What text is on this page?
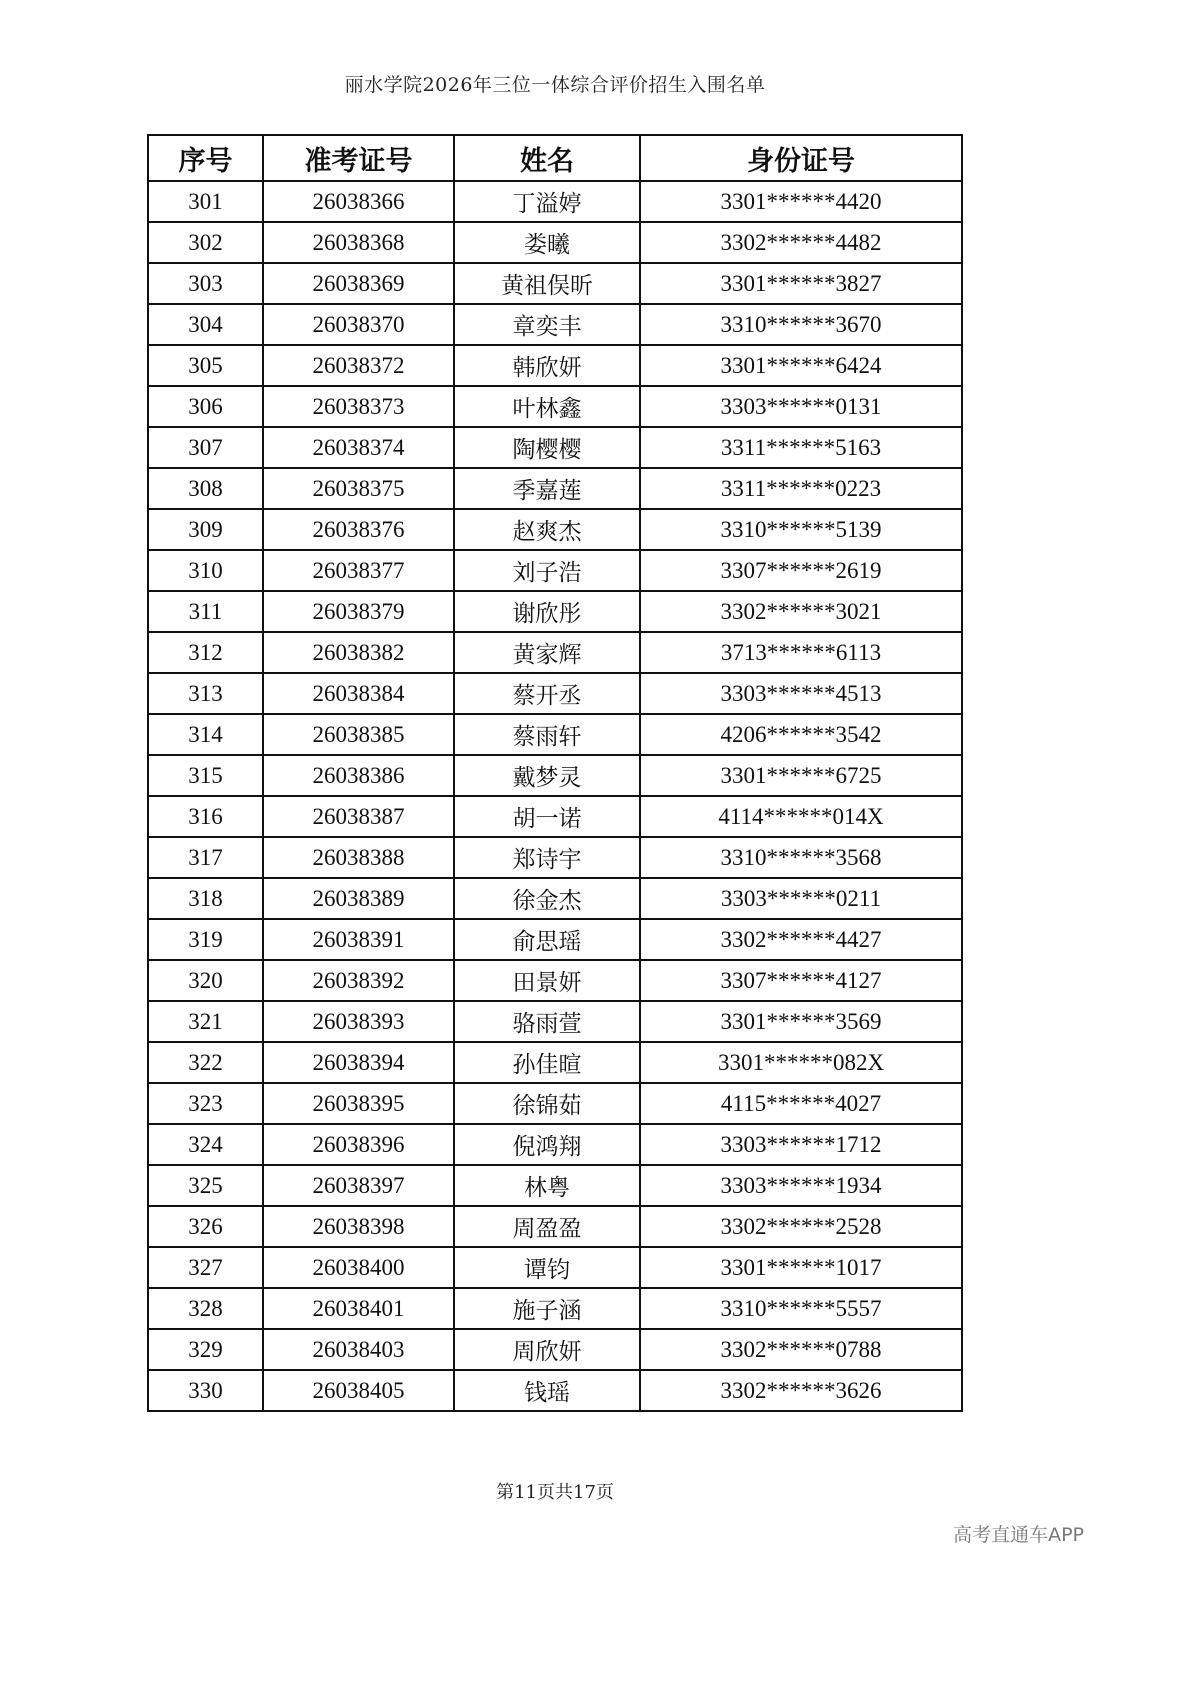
丽水学院2026年三位一体综合评价招生入围名单
序号	准考证号	姓名	身份证号
301	26038366	丁溢婷	3301******4420
302	26038368	娄曦	3302******4482
303	26038369	黄祖俣昕	3301******3827
304	26038370	章奕丰	3310******3670
305	26038372	韩欣妍	3301******6424
306	26038373	叶林鑫	3303******0131
307	26038374	陶樱樱	3311******5163
308	26038375	季嘉莲	3311******0223
309	26038376	赵爽杰	3310******5139
310	26038377	刘子浩	3307******2619
311	26038379	谢欣彤	3302******3021
312	26038382	黄家辉	3713******6113
313	26038384	蔡开丞	3303******4513
314	26038385	蔡雨轩	4206******3542
315	26038386	戴梦灵	3301******6725
316	26038387	胡一诺	4114******014X
317	26038388	郑诗宇	3310******3568
318	26038389	徐金杰	3303******0211
319	26038391	俞思瑶	3302******4427
320	26038392	田景妍	3307******4127
321	26038393	骆雨萱	3301******3569
322	26038394	孙佳暄	3301******082X
323	26038395	徐锦茹	4115******4027
324	26038396	倪鸿翔	3303******1712
325	26038397	林粤	3303******1934
326	26038398	周盈盈	3302******2528
327	26038400	谭钧	3301******1017
328	26038401	施子涵	3310******5557
329	26038403	周欣妍	3302******0788
330	26038405	钱瑶	3302******3626
第11页共17页
高考直通车APP
